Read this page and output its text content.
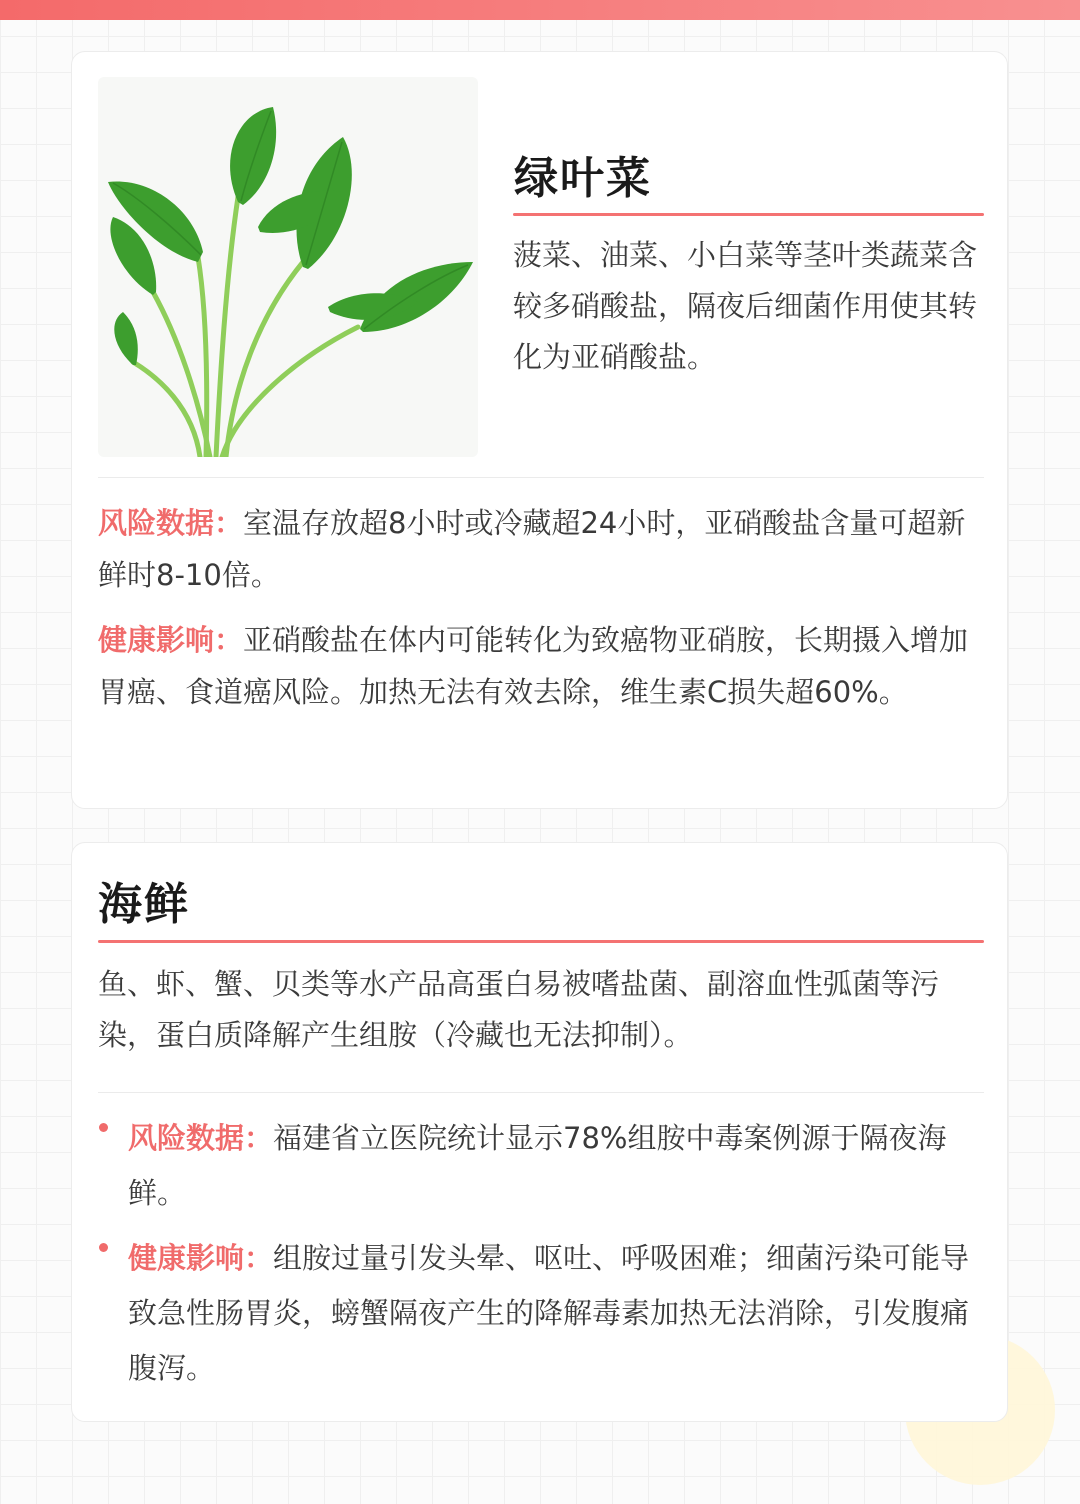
绿叶菜

菠菜、油菜、小白菜等茎叶类蔬菜含较多硝酸盐，隔夜后细菌作用使其转化为亚硝酸盐。

风险数据：室温存放超8小时或冷藏超24小时，亚硝酸盐含量可超新鲜时8-10倍。

健康影响：亚硝酸盐在体内可能转化为致癌物亚硝胺，长期摄入增加胃癌、食道癌风险。加热无法有效去除，维生素C损失超60%。

海鲜

鱼、虾、蟹、贝类等水产品高蛋白易被嗜盐菌、副溶血性弧菌等污染，蛋白质降解产生组胺（冷藏也无法抑制）。

风险数据：福建省立医院统计显示78%组胺中毒案例源于隔夜海鲜。

健康影响：组胺过量引发头晕、呕吐、呼吸困难；细菌污染可能导致急性肠胃炎，螃蟹隔夜产生的降解毒素加热无法消除，引发腹痛腹泻。
